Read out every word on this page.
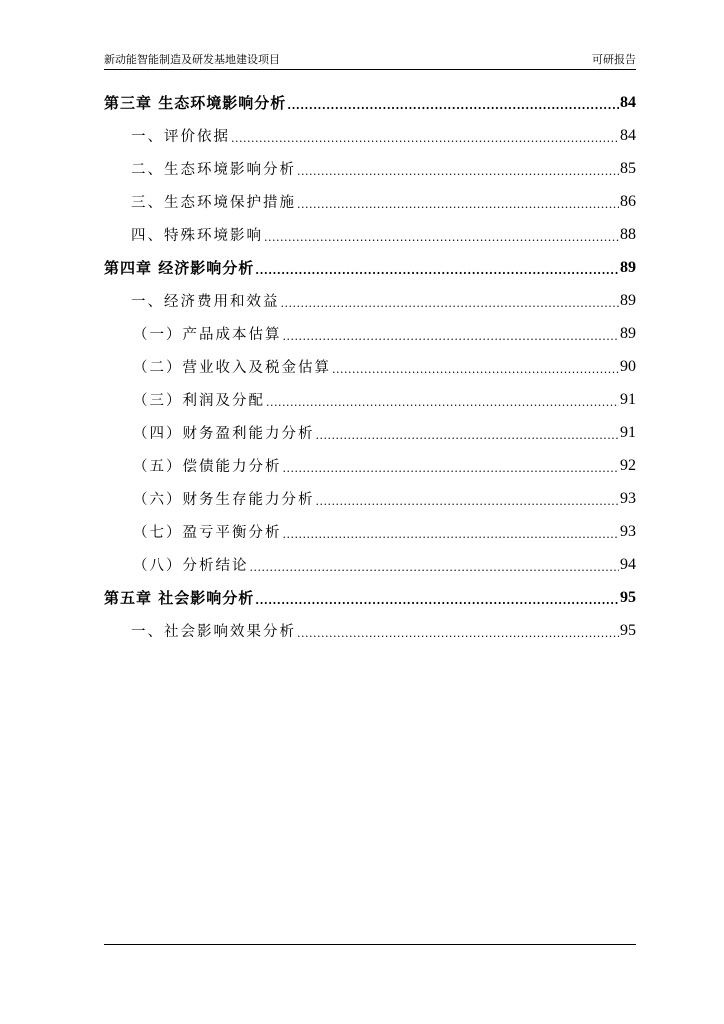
新动能智能制造及研发基地建设项目	可研报告
第三章 生态环境影响分析 .....	84
一、评价依据 .....	84
二、生态环境影响分析 .....	85
三、生态环境保护措施 .....	86
四、特殊环境影响 .....	88
第四章 经济影响分析 .....	89
一、经济费用和效益 .....	89
（一）产品成本估算 .....	89
（二）营业收入及税金估算 .....	90
（三）利润及分配 .....	91
（四）财务盈利能力分析 .....	91
（五）偿债能力分析 .....	92
（六）财务生存能力分析 .....	93
（七）盈亏平衡分析 .....	93
（八）分析结论 .....	94
第五章 社会影响分析 .....	95
一、社会影响效果分析 .....	95
